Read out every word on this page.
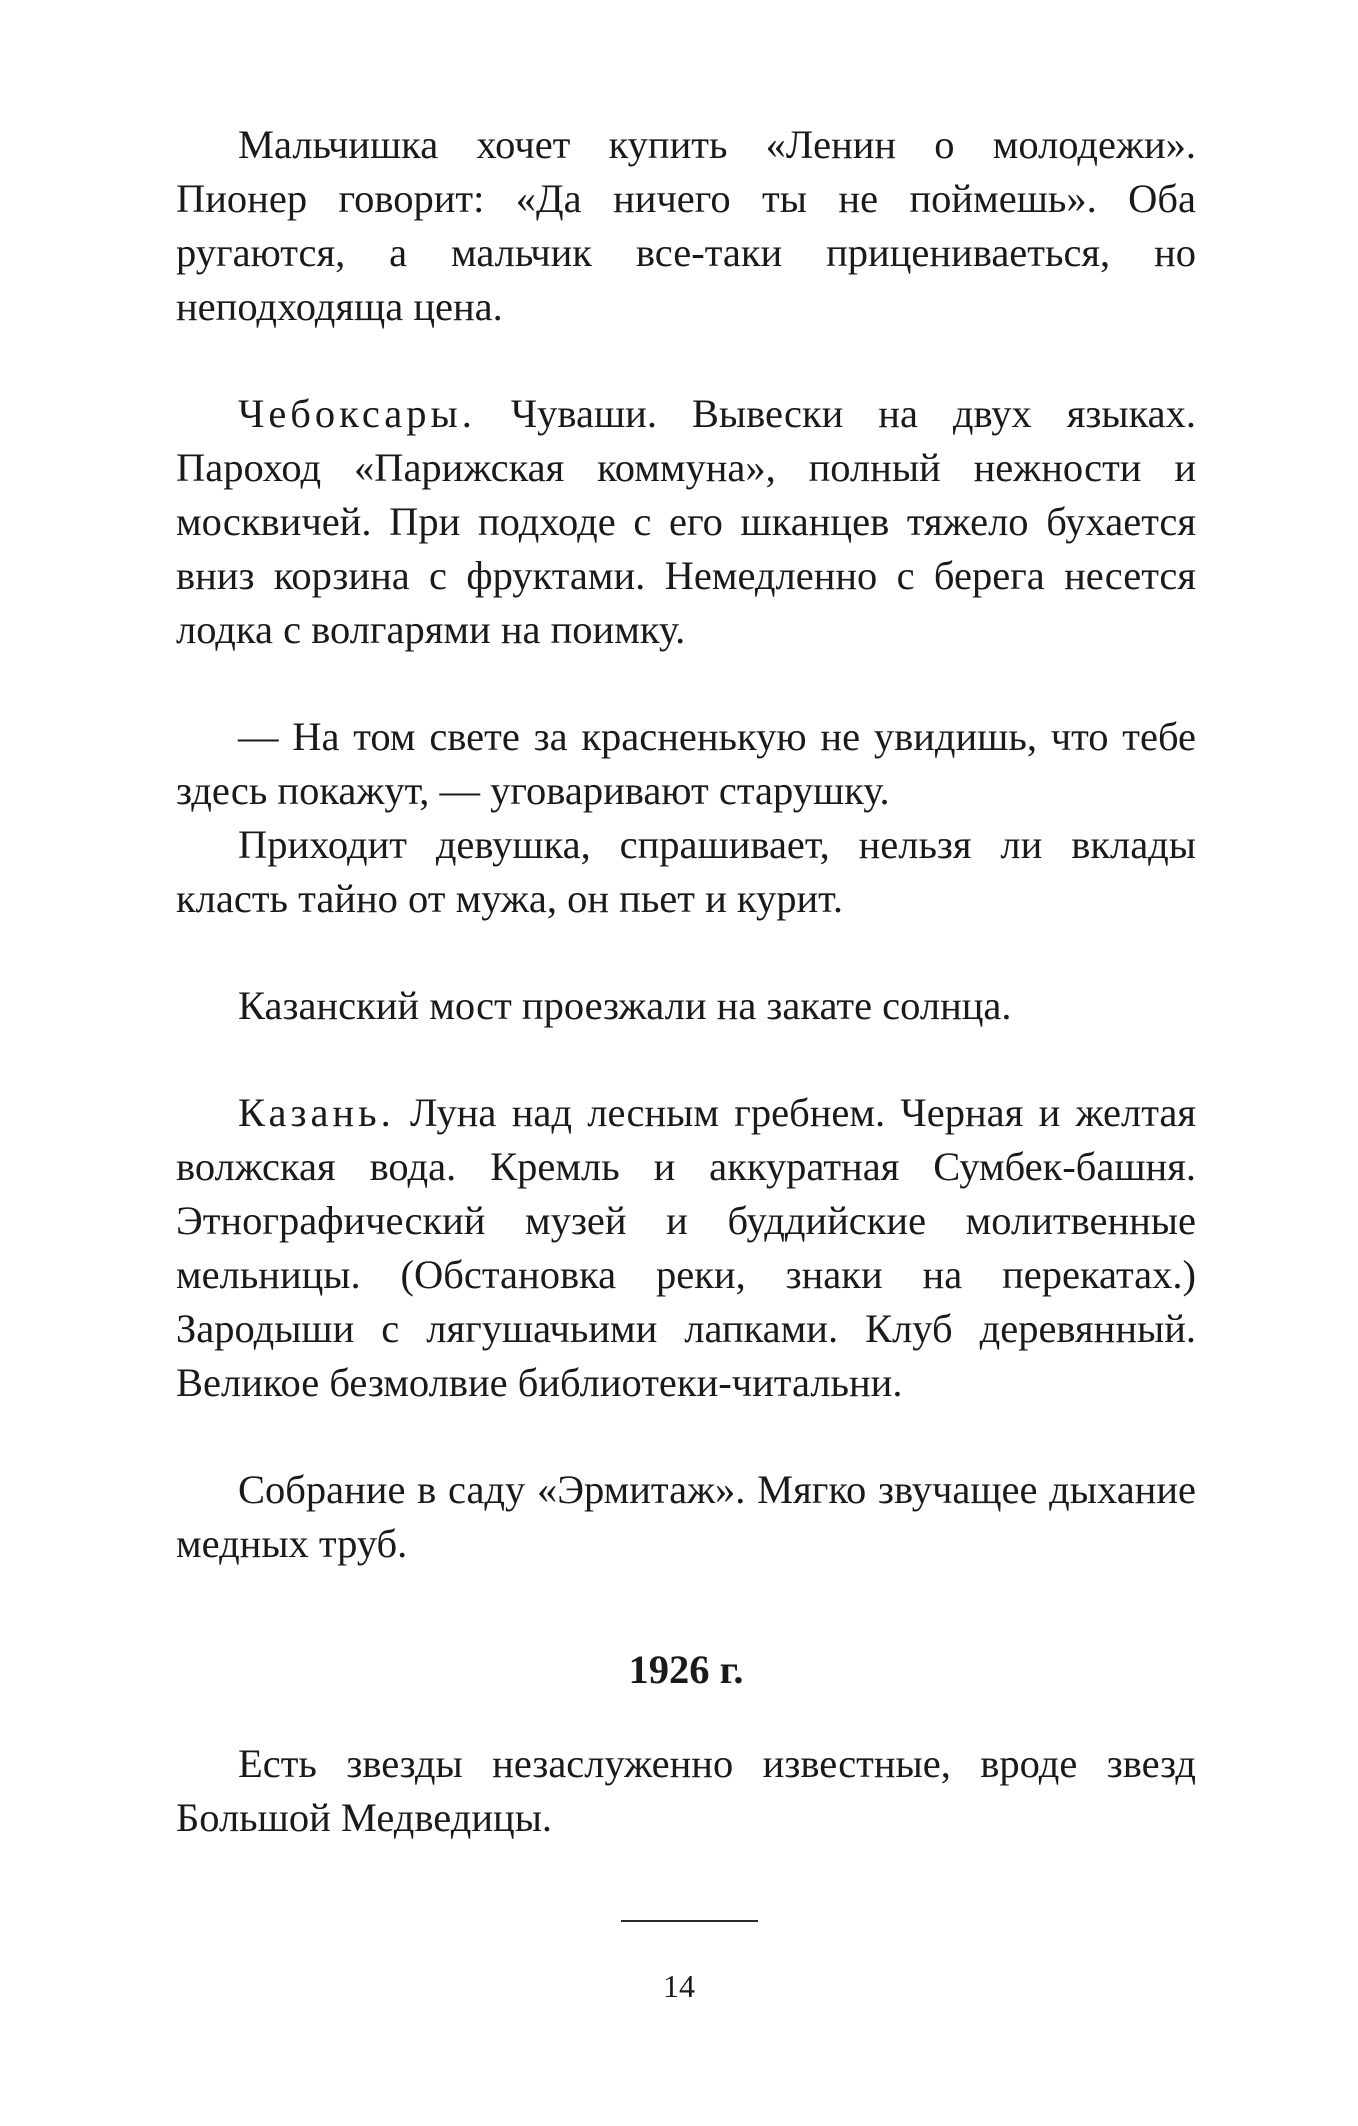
Мальчишка хочет купить «Ленин о молодежи». Пионер говорит: «Да ничего ты не поймешь». Оба ругаются, а мальчик все-таки прицениваеться, но неподходяща цена.

Чебоксары. Чуваши. Вывески на двух языках. Пароход «Парижская коммуна», полный нежности и москвичей. При подходе с его шканцев тяжело бухается вниз корзина с фруктами. Немедленно с берега несется лодка с волгарями на поимку.

— На том свете за красненькую не увидишь, что тебе здесь покажут, — уговаривают старушку.

Приходит девушка, спрашивает, нельзя ли вклады класть тайно от мужа, он пьет и курит.

Казанский мост проезжали на закате солнца.

Казань. Луна над лесным гребнем. Черная и желтая волжская вода. Кремль и аккуратная Сумбек-башня. Этнографический музей и буддийские молитвенные мельницы. (Обстановка реки, знаки на перекатах.) Зародыши с лягушачьими лапками. Клуб деревянный. Великое безмолвие библиотеки-читальни.

Собрание в саду «Эрмитаж». Мягко звучащее дыхание медных труб.

1926 г.

Есть звезды незаслуженно известные, вроде звезд Большой Медведицы.

14
